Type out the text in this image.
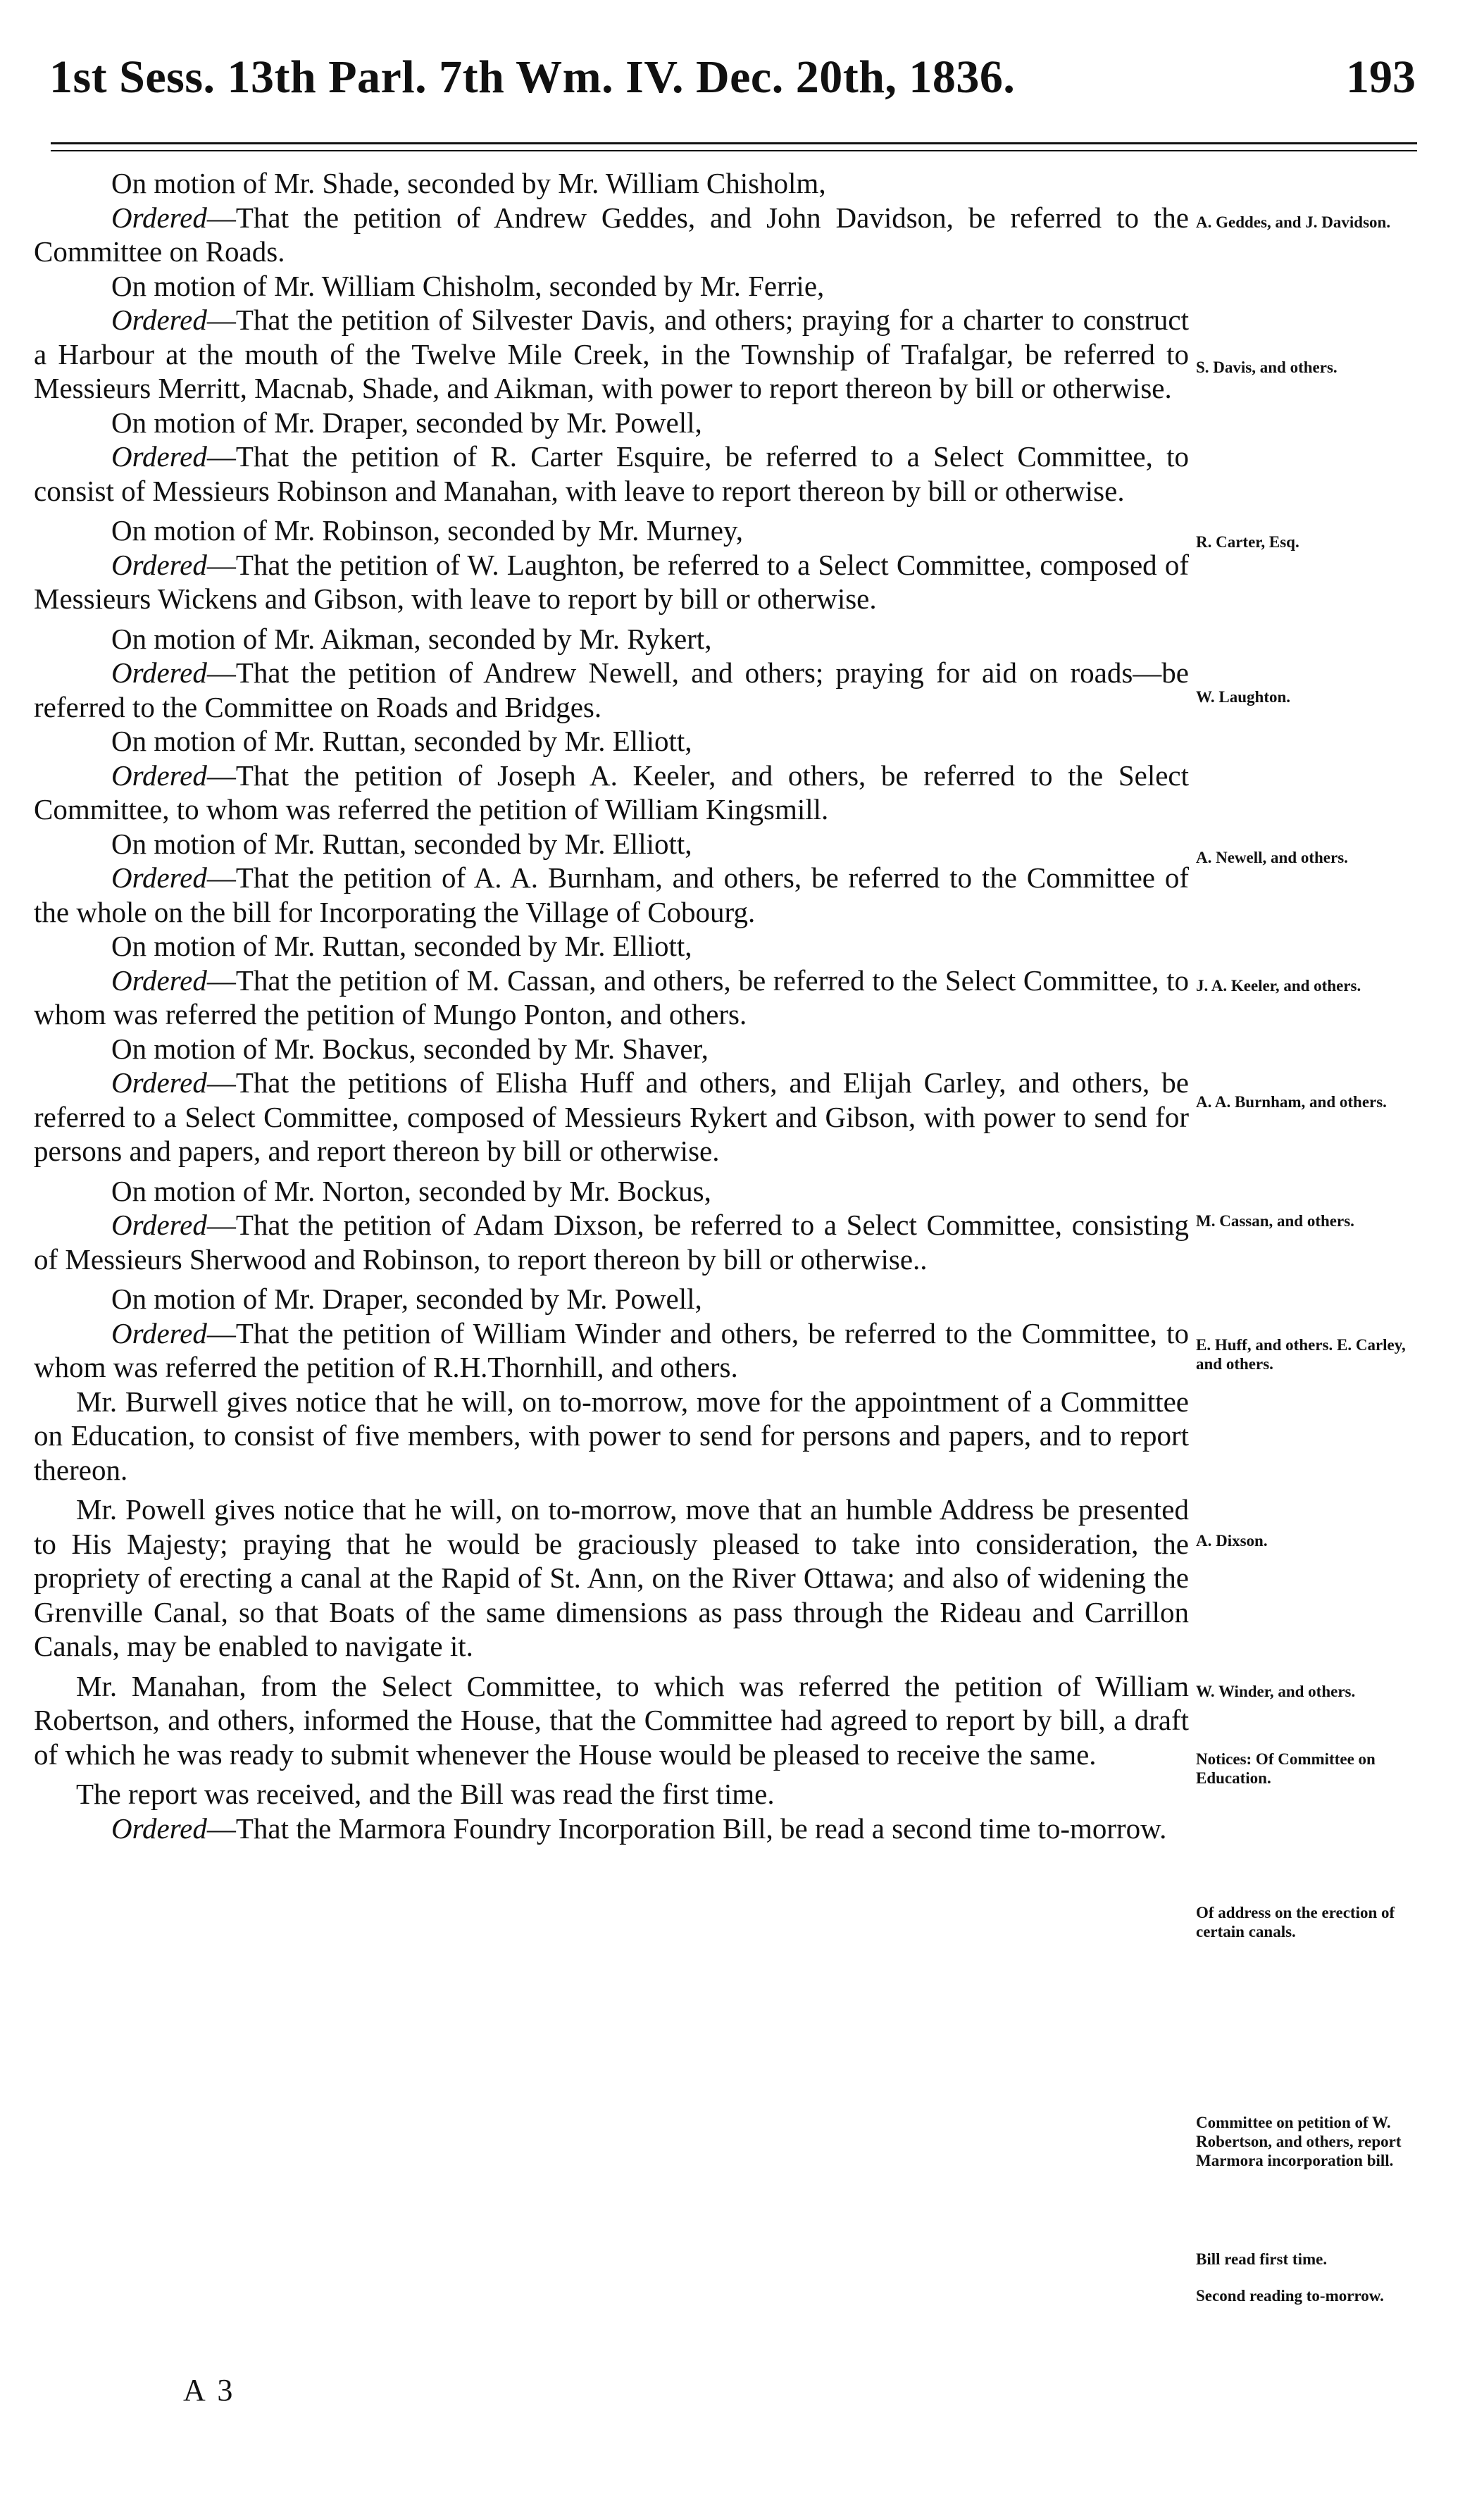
1st Sess. 13th Parl. 7th Wm. IV. Dec. 20th, 1836.	193

On motion of Mr. Shade, seconded by Mr. William Chisholm,

Ordered—That the petition of Andrew Geddes, and John Davidson, be referred to the Committee on Roads.

On motion of Mr. William Chisholm, seconded by Mr. Ferrie,

Ordered—That the petition of Silvester Davis, and others; praying for a charter to construct a Harbour at the mouth of the Twelve Mile Creek, in the Township of Trafalgar, be referred to Messieurs Merritt, Macnab, Shade, and Aikman, with power to report thereon by bill or otherwise.

On motion of Mr. Draper, seconded by Mr. Powell,

Ordered—That the petition of R. Carter Esquire, be referred to a Select Committee, to consist of Messieurs Robinson and Manahan, with leave to report thereon by bill or otherwise.

On motion of Mr. Robinson, seconded by Mr. Murney,

Ordered—That the petition of W. Laughton, be referred to a Select Committee, composed of Messieurs Wickens and Gibson, with leave to report by bill or otherwise.

On motion of Mr. Aikman, seconded by Mr. Rykert,

Ordered—That the petition of Andrew Newell, and others; praying for aid on roads—be referred to the Committee on Roads and Bridges.

On motion of Mr. Ruttan, seconded by Mr. Elliott,

Ordered—That the petition of Joseph A. Keeler, and others, be referred to the Select Committee, to whom was referred the petition of William Kingsmill.

On motion of Mr. Ruttan, seconded by Mr. Elliott,

Ordered—That the petition of A. A. Burnham, and others, be referred to the Committee of the whole on the bill for Incorporating the Village of Cobourg.

On motion of Mr. Ruttan, seconded by Mr. Elliott,

Ordered—That the petition of M. Cassan, and others, be referred to the Select Committee, to whom was referred the petition of Mungo Ponton, and others.

On motion of Mr. Bockus, seconded by Mr. Shaver,

Ordered—That the petitions of Elisha Huff and others, and Elijah Carley, and others, be referred to a Select Committee, composed of Messieurs Rykert and Gibson, with power to send for persons and papers, and report thereon by bill or otherwise.

On motion of Mr. Norton, seconded by Mr. Bockus,

Ordered—That the petition of Adam Dixson, be referred to a Select Committee, consisting of Messieurs Sherwood and Robinson, to report thereon by bill or otherwise..

On motion of Mr. Draper, seconded by Mr. Powell,

Ordered—That the petition of William Winder and others, be referred to the Committee, to whom was referred the petition of R.H.Thornhill, and others.

Mr. Burwell gives notice that he will, on to-morrow, move for the appointment of a Committee on Education, to consist of five members, with power to send for persons and papers, and to report thereon.

Mr. Powell gives notice that he will, on to-morrow, move that an humble Address be presented to His Majesty; praying that he would be graciously pleased to take into consideration, the propriety of erecting a canal at the Rapid of St. Ann, on the River Ottawa; and also of widening the Grenville Canal, so that Boats of the same dimensions as pass through the Rideau and Carrillon Canals, may be enabled to navigate it.

Mr. Manahan, from the Select Committee, to which was referred the petition of William Robertson, and others, informed the House, that the Committee had agreed to report by bill, a draft of which he was ready to submit whenever the House would be pleased to receive the same.

The report was received, and the Bill was read the first time.

Ordered—That the Marmora Foundry Incorporation Bill, be read a second time to-morrow.

A. Geddes, and J. Davidson.
S. Davis, and others.
R. Carter, Esq.
W. Laughton.
A. Newell, and others.
J. A. Keeler, and others.
A. A. Burnham, and others.
M. Cassan, and others.
E. Huff, and others. E. Carley, and others.
A. Dixson.
W. Winder, and others.
Notices: Of Committee on Education.
Of address on the erection of certain canals.
Committee on petition of W. Robertson, and others, report Marmora incorporation bill.
Bill read first time.
Second reading to-morrow.
A 3
